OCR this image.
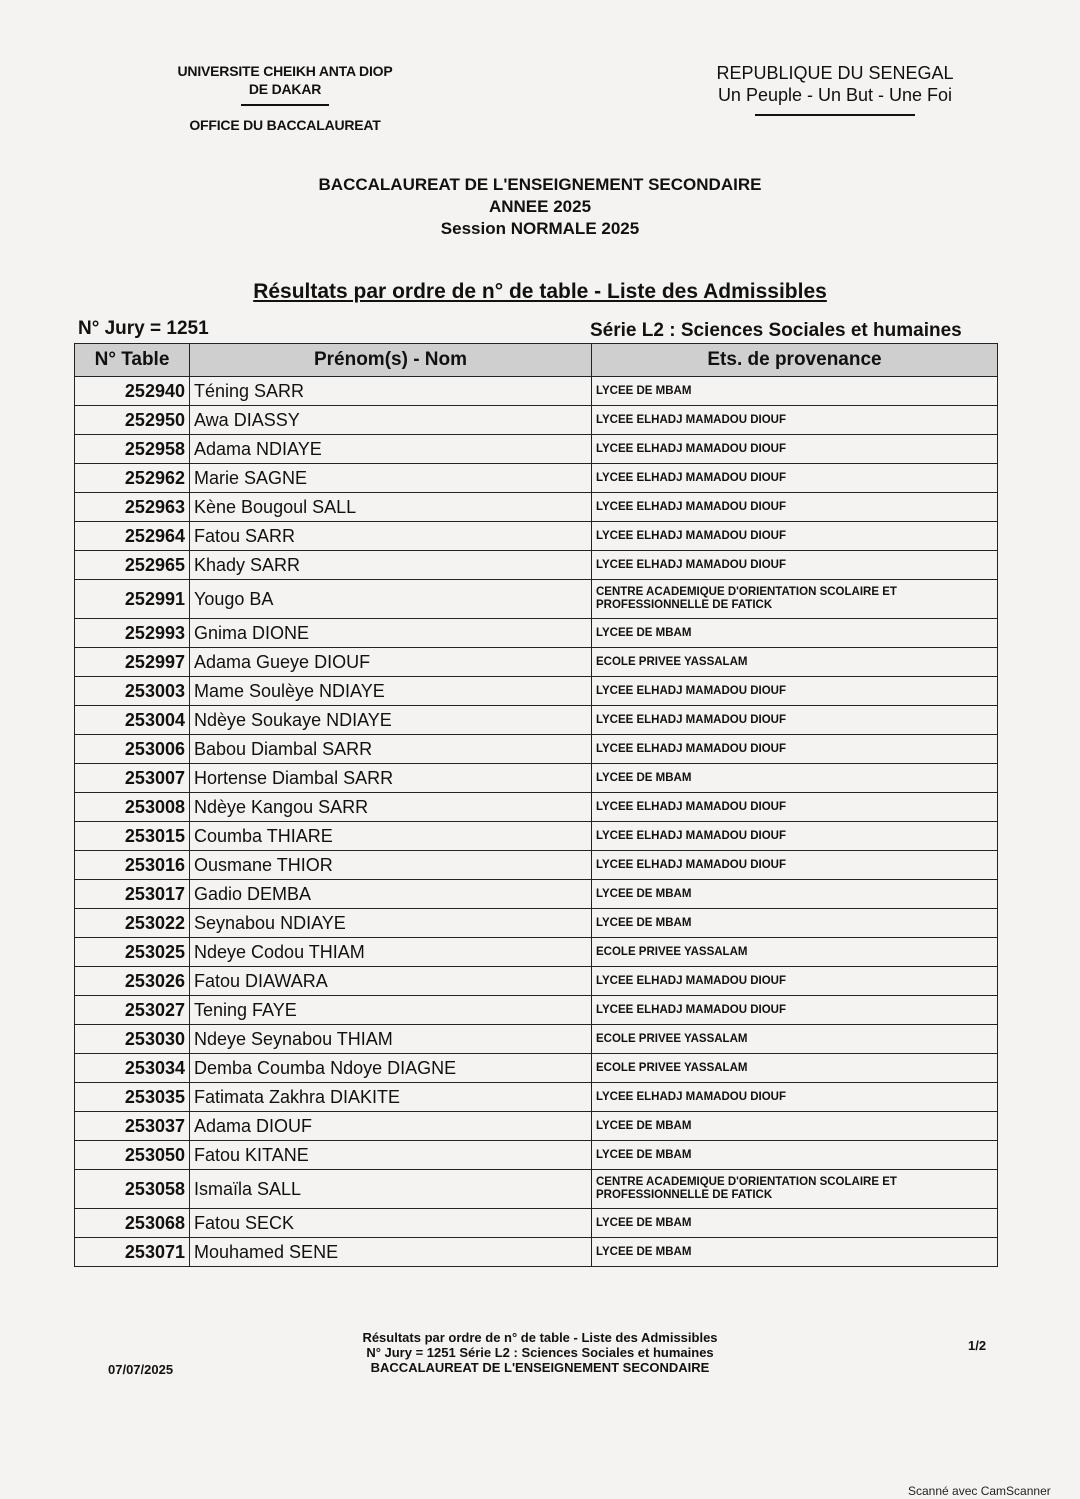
UNIVERSITE CHEIKH ANTA DIOP
DE DAKAR
OFFICE DU BACCALAUREAT
REPUBLIQUE DU SENEGAL
Un Peuple - Un But - Une Foi
BACCALAUREAT DE L'ENSEIGNEMENT SECONDAIRE
ANNEE 2025
Session NORMALE 2025
Résultats par ordre de n° de table - Liste des Admissibles
N° Jury = 1251	Série L2 : Sciences Sociales et humaines
N° Table	Prénom(s) - Nom	Ets. de provenance
252940	Téning SARR	LYCEE DE MBAM
252950	Awa DIASSY	LYCEE ELHADJ MAMADOU DIOUF
252958	Adama NDIAYE	LYCEE ELHADJ MAMADOU DIOUF
252962	Marie SAGNE	LYCEE ELHADJ MAMADOU DIOUF
252963	Kène Bougoul SALL	LYCEE ELHADJ MAMADOU DIOUF
252964	Fatou SARR	LYCEE ELHADJ MAMADOU DIOUF
252965	Khady SARR	LYCEE ELHADJ MAMADOU DIOUF
252991	Yougo BA	CENTRE ACADEMIQUE D'ORIENTATION SCOLAIRE ET PROFESSIONNELLE DE FATICK
252993	Gnima DIONE	LYCEE DE MBAM
252997	Adama Gueye DIOUF	ECOLE PRIVEE YASSALAM
253003	Mame Soulèye NDIAYE	LYCEE ELHADJ MAMADOU DIOUF
253004	Ndèye Soukaye NDIAYE	LYCEE ELHADJ MAMADOU DIOUF
253006	Babou Diambal SARR	LYCEE ELHADJ MAMADOU DIOUF
253007	Hortense Diambal SARR	LYCEE DE MBAM
253008	Ndèye Kangou SARR	LYCEE ELHADJ MAMADOU DIOUF
253015	Coumba THIARE	LYCEE ELHADJ MAMADOU DIOUF
253016	Ousmane THIOR	LYCEE ELHADJ MAMADOU DIOUF
253017	Gadio DEMBA	LYCEE DE MBAM
253022	Seynabou NDIAYE	LYCEE DE MBAM
253025	Ndeye Codou THIAM	ECOLE PRIVEE YASSALAM
253026	Fatou DIAWARA	LYCEE ELHADJ MAMADOU DIOUF
253027	Tening FAYE	LYCEE ELHADJ MAMADOU DIOUF
253030	Ndeye Seynabou THIAM	ECOLE PRIVEE YASSALAM
253034	Demba Coumba Ndoye DIAGNE	ECOLE PRIVEE YASSALAM
253035	Fatimata Zakhra DIAKITE	LYCEE ELHADJ MAMADOU DIOUF
253037	Adama DIOUF	LYCEE DE MBAM
253050	Fatou KITANE	LYCEE DE MBAM
253058	Ismaïla SALL	CENTRE ACADEMIQUE D'ORIENTATION SCOLAIRE ET PROFESSIONNELLE DE FATICK
253068	Fatou SECK	LYCEE DE MBAM
253071	Mouhamed SENE	LYCEE DE MBAM
Résultats par ordre de n° de table - Liste des Admissibles
N° Jury = 1251 Série L2 : Sciences Sociales et humaines
BACCALAUREAT DE L'ENSEIGNEMENT SECONDAIRE
07/07/2025
1/2
Scanné avec CamScanner
